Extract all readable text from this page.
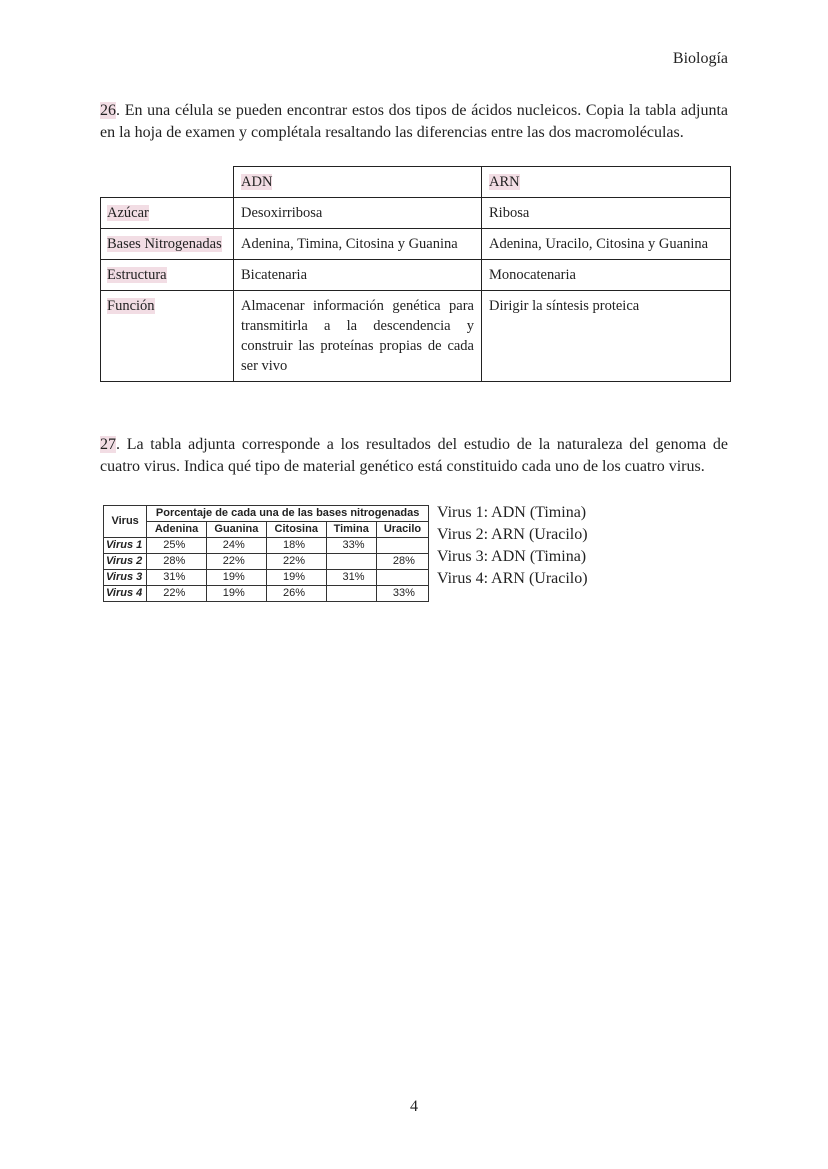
Biología
26. En una célula se pueden encontrar estos dos tipos de ácidos nucleicos. Copia la tabla adjunta en la hoja de examen y complétala resaltando las diferencias entre las dos macromoléculas.
	ADN	ARN
Azúcar	Desoxirribosa	Ribosa
Bases Nitrogenadas	Adenina, Timina, Citosina y Guanina	Adenina, Uracilo, Citosina y Guanina
Estructura	Bicatenaria	Monocatenaria
Función	Almacenar información genética para transmitirla a la descendencia y construir las proteínas propias de cada ser vivo	Dirigir la síntesis proteica
27. La tabla adjunta corresponde a los resultados del estudio de la naturaleza del genoma de cuatro virus. Indica qué tipo de material genético está constituido cada uno de los cuatro virus.
Virus	Porcentaje de cada una de las bases nitrogenadas				
	Adenina	Guanina	Citosina	Timina	Uracilo
Virus 1	25%	24%	18%	33%	
Virus 2	28%	22%	22%		28%
Virus 3	31%	19%	19%	31%	
Virus 4	22%	19%	26%		33%
Virus 1: ADN (Timina)
Virus 2: ARN (Uracilo)
Virus 3: ADN (Timina)
Virus 4: ARN (Uracilo)
4
